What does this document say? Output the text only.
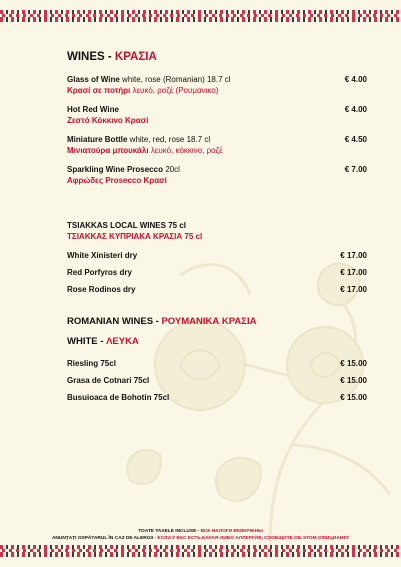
WINES - ΚΡΑΣΙΑ
Glass of Wine white, rose (Romanian) 18.7 cl
Κρασί σε ποτήρι λευκό, ροζέ (Ρουμανικο)
€ 4.00
Hot Red Wine
Ζεστό Κόκκινο Κρασί
€ 4.00
Miniature Bottle white, red, rose 18.7 cl
Μινιατούρα μπουκάλι λευκό, κόκκινο, ροζέ
€ 4.50
Sparkling Wine Prosecco 20cl
Αφρώδες Prosecco Κρασί
€ 7.00
TSIAKKAS LOCAL WINES 75 cl
ΤΣΙΑΚΚΑΣ ΚΥΠΡΙΑΚΑ ΚΡΑΣΙΑ 75 cl
White Xinisteri dry	€ 17.00
Red Porfyros dry	€ 17.00
Rose Rodinos dry	€ 17.00
ROMANIAN WINES - ΡΟΥΜΑΝΙΚΑ ΚΡΑΣΙΑ
WHITE - ΛΕΥΚΑ
Riesling 75cl	€ 15.00
Grasa de Cotnari 75cl	€ 15.00
Busuioaca de Bohotin 75cl	€ 15.00
TOATE TAXELE INCLUSE - ВСЕ НАЛОГИ ВКЛЮЧЕНЫ
ANUNȚAȚI OSPĂTARUL ÎN CAZ DE ALERGII - ЕСЛИ У ВАС ЕСТЬ КАКАЯ-ЛИБО АЛЛЕРГИЯ, СООБЩИТЕ ОБ ЭТОМ ОФИЦИАНТУ
